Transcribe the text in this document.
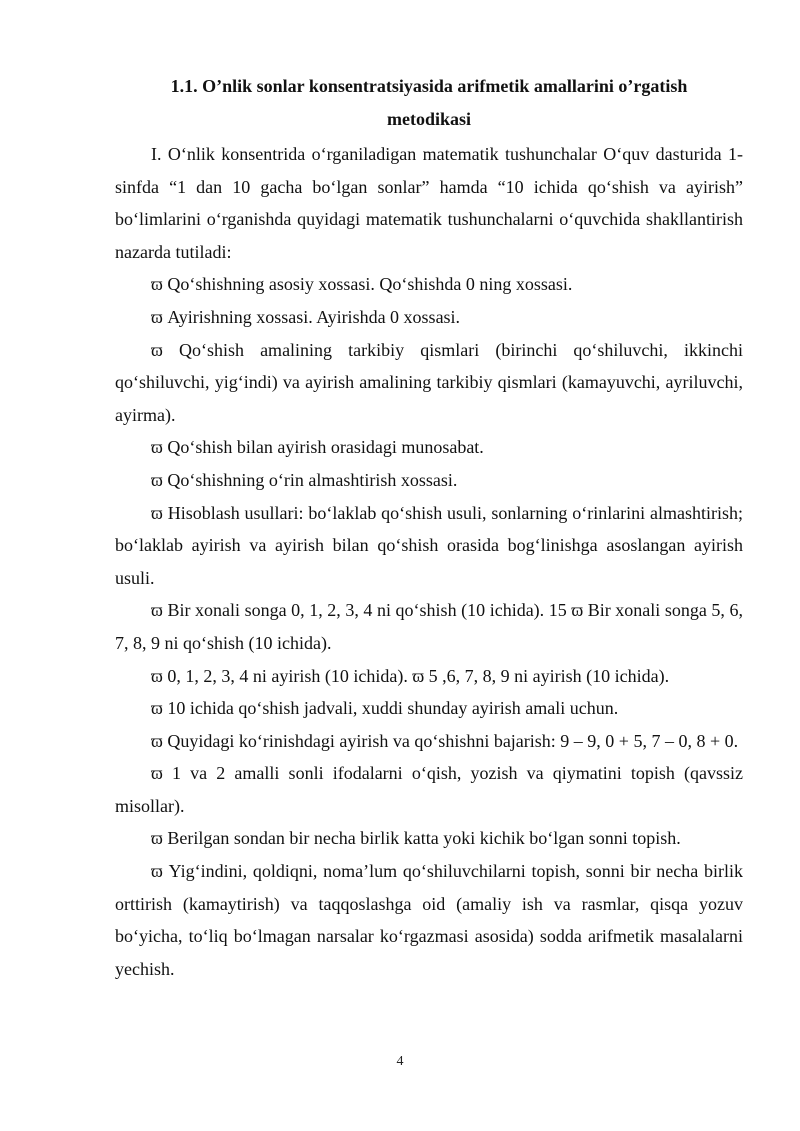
1.1. O’nlik sonlar konsentratsiyasida arifmetik amallarini o’rgatish
metodikasi

I. O‘nlik konsentrida o‘rganiladigan matematik tushunchalar O‘quv dasturida 1-sinfda “1 dan 10 gacha bo‘lgan sonlar” hamda “10 ichida qo‘shish va ayirish” bo‘limlarini o‘rganishda quyidagi matematik tushunchalarni o‘quvchida shakllantirish nazarda tutiladi:

ϖ Qo‘shishning asosiy xossasi. Qo‘shishda 0 ning xossasi.

ϖ Ayirishning xossasi. Ayirishda 0 xossasi.

ϖ Qo‘shish amalining tarkibiy qismlari (birinchi qo‘shiluvchi, ikkinchi qo‘shiluvchi, yig‘indi) va ayirish amalining tarkibiy qismlari (kamayuvchi, ayriluvchi, ayirma).

ϖ Qo‘shish bilan ayirish orasidagi munosabat.

ϖ Qo‘shishning o‘rin almashtirish xossasi.

ϖ Hisoblash usullari: bo‘laklab qo‘shish usuli, sonlarning o‘rinlarini almashtirish; bo‘laklab ayirish va ayirish bilan qo‘shish orasida bog‘linishga asoslangan ayirish usuli.

ϖ Bir xonali songa 0, 1, 2, 3, 4 ni qo‘shish (10 ichida). 15 ϖ Bir xonali songa 5, 6, 7, 8, 9 ni qo‘shish (10 ichida).

ϖ 0, 1, 2, 3, 4 ni ayirish (10 ichida). ϖ 5 ,6, 7, 8, 9 ni ayirish (10 ichida).

ϖ 10 ichida qo‘shish jadvali, xuddi shunday ayirish amali uchun.

ϖ Quyidagi ko‘rinishdagi ayirish va qo‘shishni bajarish: 9 – 9, 0 + 5, 7 – 0, 8 + 0.

ϖ 1 va 2 amalli sonli ifodalarni o‘qish, yozish va qiymatini topish (qavssiz misollar).

ϖ Berilgan sondan bir necha birlik katta yoki kichik bo‘lgan sonni topish.

ϖ Yig‘indini, qoldiqni, noma’lum qo‘shiluvchilarni topish, sonni bir necha birlik orttirish (kamaytirish) va taqqoslashga oid (amaliy ish va rasmlar, qisqa yozuv bo‘yicha, to‘liq bo‘lmagan narsalar ko‘rgazmasi asosida) sodda arifmetik masalalarni yechish.

4
